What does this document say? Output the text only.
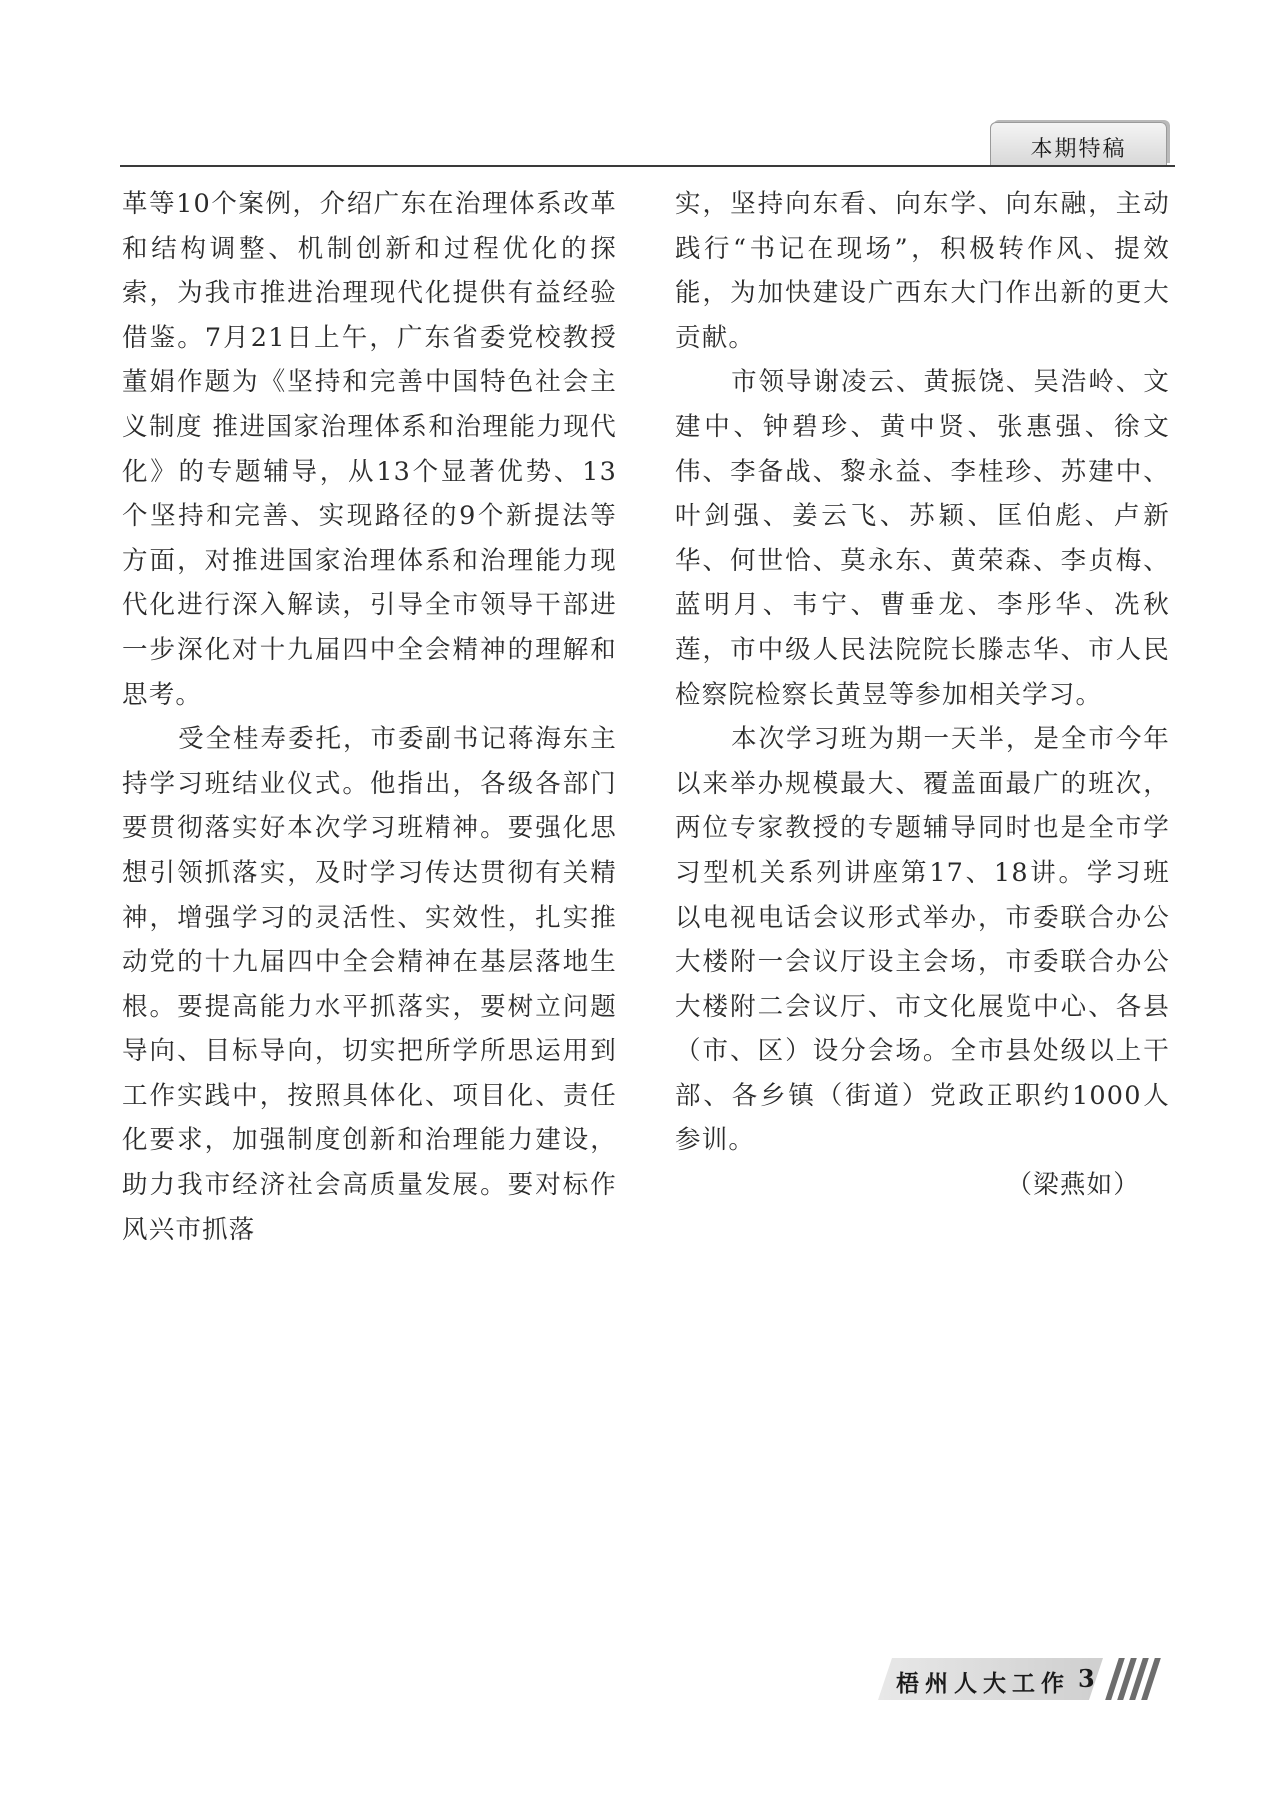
本期特稿

革等10个案例，介绍广东在治理体系改革和结构调整、机制创新和过程优化的探索，为我市推进治理现代化提供有益经验借鉴。7月21日上午，广东省委党校教授董娟作题为《坚持和完善中国特色社会主义制度 推进国家治理体系和治理能力现代化》的专题辅导，从13个显著优势、13个坚持和完善、实现路径的9个新提法等方面，对推进国家治理体系和治理能力现代化进行深入解读，引导全市领导干部进一步深化对十九届四中全会精神的理解和思考。

受全桂寿委托，市委副书记蒋海东主持学习班结业仪式。他指出，各级各部门要贯彻落实好本次学习班精神。要强化思想引领抓落实，及时学习传达贯彻有关精神，增强学习的灵活性、实效性，扎实推动党的十九届四中全会精神在基层落地生根。要提高能力水平抓落实，要树立问题导向、目标导向，切实把所学所思运用到工作实践中，按照具体化、项目化、责任化要求，加强制度创新和治理能力建设，助力我市经济社会高质量发展。要对标作风兴市抓落

实，坚持向东看、向东学、向东融，主动践行“书记在现场”，积极转作风、提效能，为加快建设广西东大门作出新的更大贡献。

市领导谢凌云、黄振饶、吴浩岭、文建中、钟碧珍、黄中贤、张惠强、徐文伟、李备战、黎永益、李桂珍、苏建中、叶剑强、姜云飞、苏颖、匡伯彪、卢新华、何世恰、莫永东、黄荣森、李贞梅、蓝明月、韦宁、曹垂龙、李彤华、冼秋莲，市中级人民法院院长滕志华、市人民检察院检察长黄昱等参加相关学习。

本次学习班为期一天半，是全市今年以来举办规模最大、覆盖面最广的班次，两位专家教授的专题辅导同时也是全市学习型机关系列讲座第17、18讲。学习班以电视电话会议形式举办，市委联合办公大楼附一会议厅设主会场，市委联合办公大楼附二会议厅、市文化展览中心、各县（市、区）设分会场。全市县处级以上干部、各乡镇（街道）党政正职约1000人参训。

（梁燕如）

梧州人大工作 3
